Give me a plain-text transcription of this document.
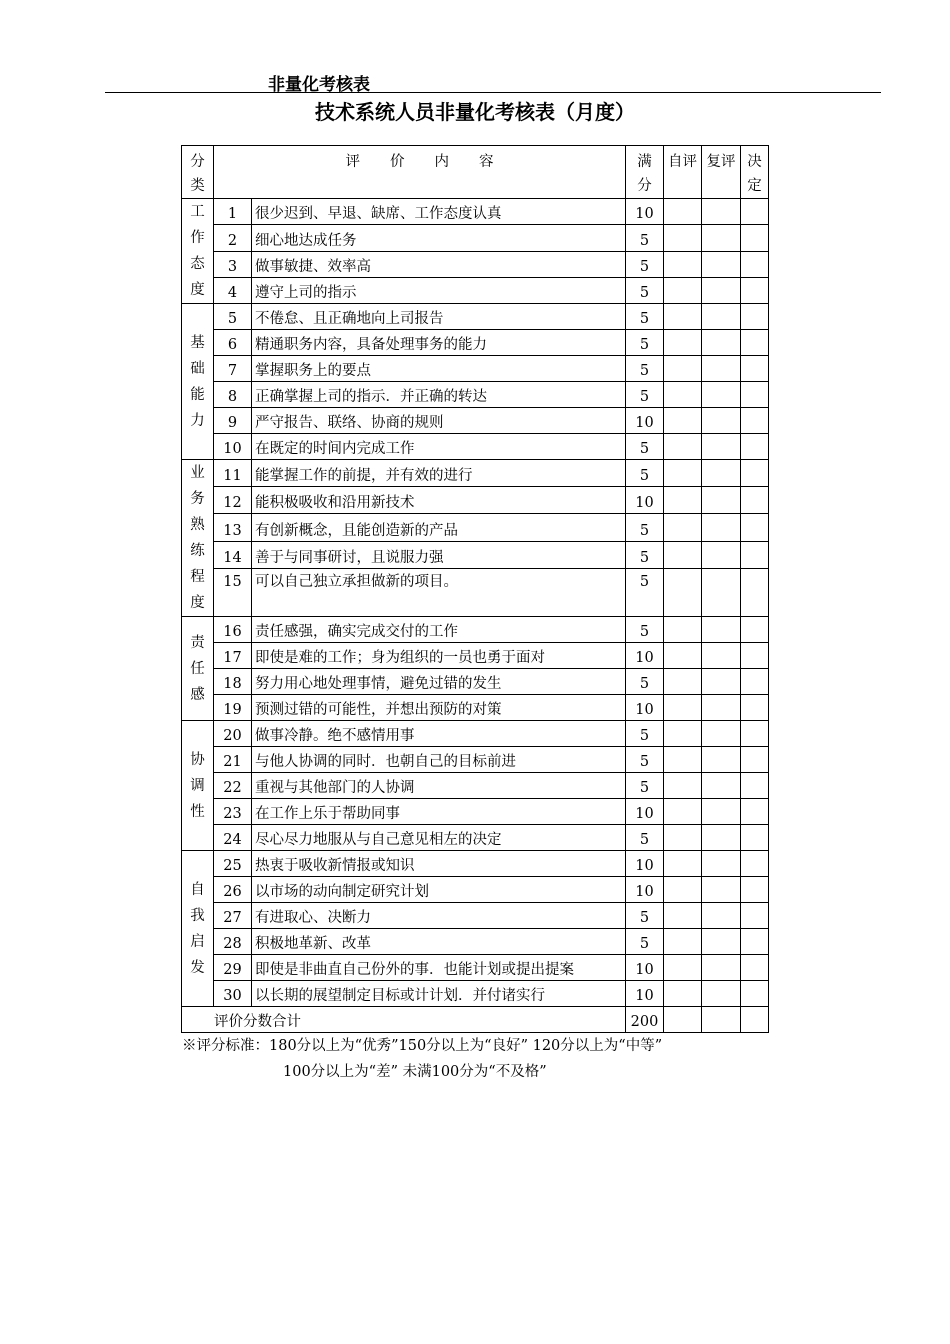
非量化考核表
技术系统人员非量化考核表（月度）
分类	评价内容		满分	自评	复评	决定

工作态度	1	很少迟到、早退、缺席、工作态度认真	10			
	2	细心地达成任务	5			
	3	做事敏捷、效率高	5			
	4	遵守上司的指示	5			

基础能力	5	不倦怠、且正确地向上司报告	5			
	6	精通职务内容，具备处理事务的能力	5			
	7	掌握职务上的要点	5			
	8	正确掌握上司的指示．并正确的转达	5			
	9	严守报告、联络、协商的规则	10			
	10	在既定的时间内完成工作	5			

业务熟练程度	11	能掌握工作的前提，并有效的进行	5			
	12	能积极吸收和沿用新技术	10			
	13	有创新概念，且能创造新的产品	5			
	14	善于与同事研讨，且说服力强	5			
	15	可以自己独立承担做新的项目。	5			

责任感	16	责任感强，确实完成交付的工作	5			
	17	即使是难的工作；身为组织的一员也勇于面对	10			
	18	努力用心地处理事情，避免过错的发生	5			
	19	预测过错的可能性，并想出预防的对策	10			

协调性	20	做事冷静。绝不感情用事	5			
	21	与他人协调的同时．也朝自己的目标前进	5			
	22	重视与其他部门的人协调	5			
	23	在工作上乐于帮助同事	10			
	24	尽心尽力地服从与自己意见相左的决定	5			

自我启发	25	热衷于吸收新情报或知识	10			
	26	以市场的动向制定研究计划	10			
	27	有进取心、决断力	5			
	28	积极地革新、改革	5			
	29	即使是非曲直自己份外的事．也能计划或提出提案	10			
	30	以长期的展望制定目标或计计划．并付诸实行	10			
评价分数合计			200			
※评分标准：180分以上为“优秀”150分以上为“良好” 120分以上为“中等”
100分以上为“差” 未满100分为“不及格”
